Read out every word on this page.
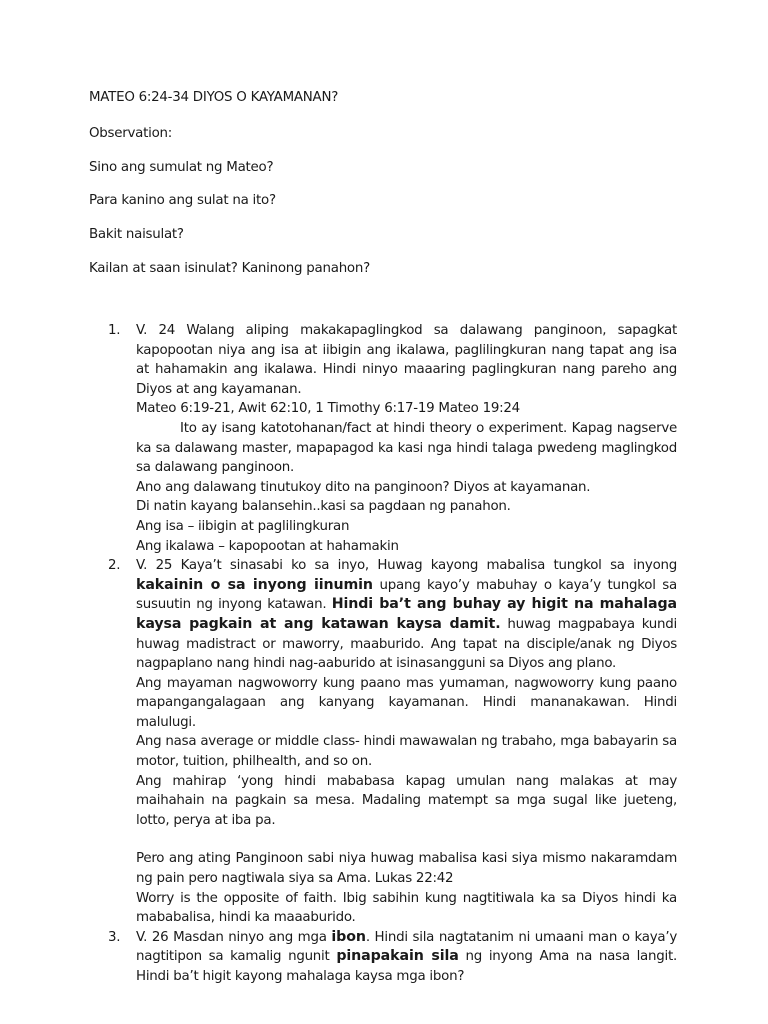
MATEO 6:24-34 DIYOS O KAYAMANAN?

Observation:

Sino ang sumulat ng Mateo?

Para kanino ang sulat na ito?

Bakit naisulat?

Kailan at saan isinulat? Kaninong panahon?

1. V. 24 Walang aliping makakapaglingkod sa dalawang panginoon, sapagkat kapopootan niya ang isa at iibigin ang ikalawa, paglilingkuran nang tapat ang isa at hahamakin ang ikalawa. Hindi ninyo maaaring paglingkuran nang pareho ang Diyos at ang kayamanan.

Mateo 6:19-21, Awit 62:10, 1 Timothy 6:17-19 Mateo 19:24

Ito ay isang katotohanan/fact at hindi theory o experiment. Kapag nagserve ka sa dalawang master, mapapagod ka kasi nga hindi talaga pwedeng maglingkod sa dalawang panginoon.

Ano ang dalawang tinutukoy dito na panginoon? Diyos at kayamanan.

Di natin kayang balansehin..kasi sa pagdaan ng panahon.

Ang isa – iibigin at paglilingkuran

Ang ikalawa – kapopootan at hahamakin

2. V. 25 Kaya’t sinasabi ko sa inyo, Huwag kayong mabalisa tungkol sa inyong kakainin o sa inyong iinumin upang kayo’y mabuhay o kaya’y tungkol sa susuutin ng inyong katawan. Hindi ba’t ang buhay ay higit na mahalaga kaysa pagkain at ang katawan kaysa damit. huwag magpabaya kundi huwag madistract or maworry, maaburido. Ang tapat na disciple/anak ng Diyos nagpaplano nang hindi nag-aaburido at isinasangguni sa Diyos ang plano.

Ang mayaman nagwoworry kung paano mas yumaman, nagwoworry kung paano mapangangalagaan ang kanyang kayamanan. Hindi mananakawan. Hindi malulugi.

Ang nasa average or middle class- hindi mawawalan ng trabaho, mga babayarin sa motor, tuition, philhealth, and so on.

Ang mahirap ‘yong hindi mababasa kapag umulan nang malakas at may maihahain na pagkain sa mesa. Madaling matempt sa mga sugal like jueteng, lotto, perya at iba pa.

Pero ang ating Panginoon sabi niya huwag mabalisa kasi siya mismo nakaramdam ng pain pero nagtiwala siya sa Ama. Lukas 22:42

Worry is the opposite of faith. Ibig sabihin kung nagtitiwala ka sa Diyos hindi ka mababalisa, hindi ka maaaburido.

3. V. 26 Masdan ninyo ang mga ibon. Hindi sila nagtatanim ni umaani man o kaya’y nagtitipon sa kamalig ngunit pinapakain sila ng inyong Ama na nasa langit. Hindi ba’t higit kayong mahalaga kaysa mga ibon?
